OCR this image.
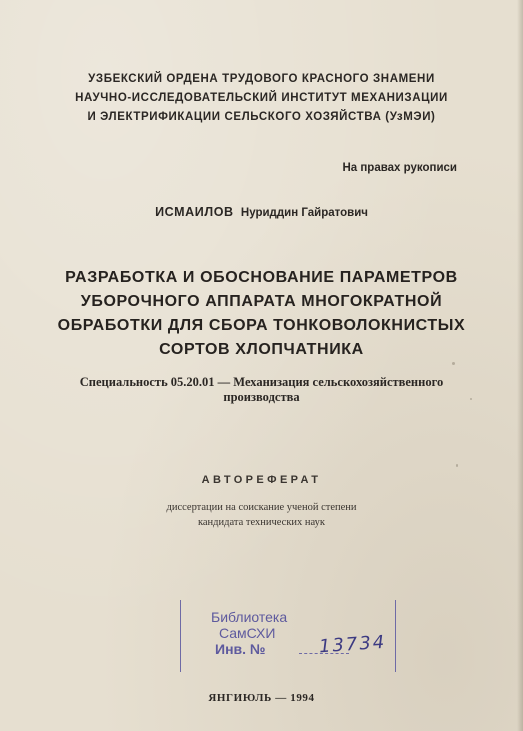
УЗБЕКСКИЙ ОРДЕНА ТРУДОВОГО КРАСНОГО ЗНАМЕНИ
НАУЧНО-ИССЛЕДОВАТЕЛЬСКИЙ ИНСТИТУТ МЕХАНИЗАЦИИ
И ЭЛЕКТРИФИКАЦИИ СЕЛЬСКОГО ХОЗЯЙСТВА (УзМЭИ)
На правах рукописи
ИСМАИЛОВ Нуриддин Гайратович
РАЗРАБОТКА И ОБОСНОВАНИЕ ПАРАМЕТРОВ
УБОРОЧНОГО АППАРАТА МНОГОКРАТНОЙ
ОБРАБОТКИ ДЛЯ СБОРА ТОНКОВОЛОКНИСТЫХ
СОРТОВ ХЛОПЧАТНИКА
Специальность 05.20.01 — Механизация сельскохозяйственного
производства
АВТОРЕФЕРАТ
диссертации на соискание ученой степени
кандидата технических наук
Библиотека
СамСХИ
Инв. №	13734
ЯНГИЮЛЬ — 1994
